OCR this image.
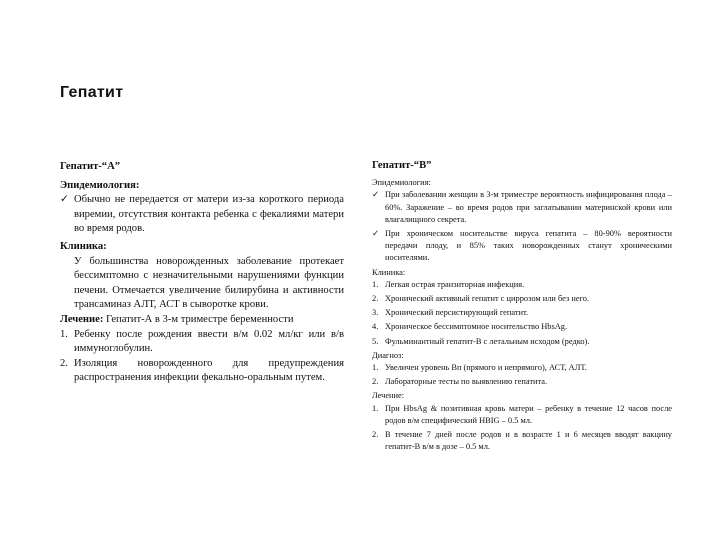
Гепатит
Гепатит-“A”
Эпидемиология:
✓ Обычно не передается от матери из-за короткого периода виремии, отсутствия контакта ребенка с фекалиями матери во время родов.
Клиника:
У большинства новорожденных заболевание протекает бессимптомно с незначительными нарушениями функции печени. Отмечается увеличение билирубина и активности трансаминаз АЛТ, АСТ в сыворотке крови.
Лечение: Гепатит-А в 3-м триместре беременности
1. Ребенку после рождения ввести в/м 0.02 мл/кг или в/в иммуноглобулин.
2. Изоляция новорожденного для предупреждения распространения инфекции фекально-оральным путем.
Гепатит-“B”
Эпидемиология:
✓ При заболевании женщин в 3-м триместре вероятность инфицирования плода – 60%. Заражение – во время родов при заглатывании материнской крови или влагалищного секрета.
✓ При хроническом носительстве вируса гепатита – 80-90% вероятности передачи плоду, и 85% таких новорожденных станут хроническими носителями.
Клиника:
1. Легкая острая транзиторная инфекция.
2. Хронический активный гепатит с циррозом или без него.
3. Хронический персистирующий гепатит.
4. Хроническое бессимптомное носительство HbsAg.
5. Фульминантный гепатит-В с летальным исходом (редко).
Диагноз:
1. Увеличен уровень Вп (прямого и непрямого), АСТ, АЛТ.
2. Лабораторные тесты по выявлению гепатита.
Лечение:
1. При HbsAg & позитивная кровь матери – ребенку в течение 12 часов после родов в/м специфический HBIG – 0.5 мл.
2. В течение 7 дней после родов и в возрасте 1 и 6 месяцев вводят вакцину гепатит-В в/м в дозе – 0.5 мл.
